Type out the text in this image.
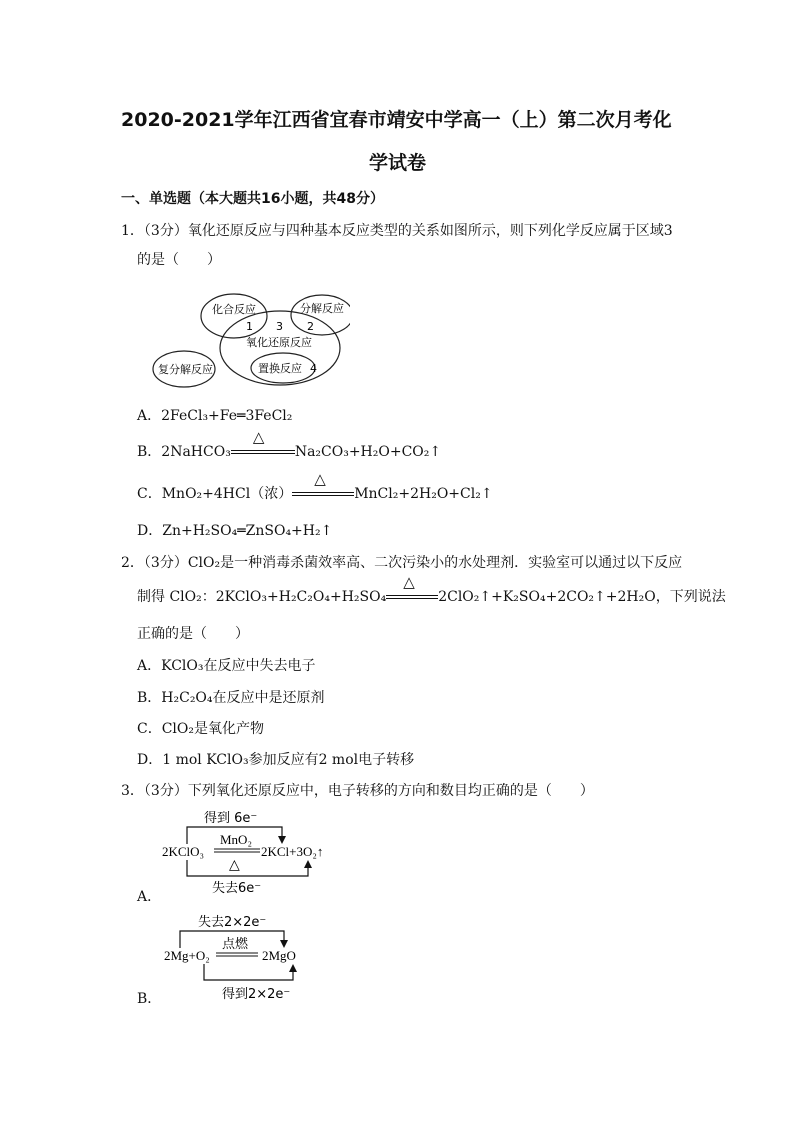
2020-2021学年江西省宜春市靖安中学高一（上）第二次月考化
学试卷
一、单选题（本大题共16小题，共48分）
1．（3分）氧化还原反应与四种基本反应类型的关系如图所示，则下列化学反应属于区域3
的是（　　）
化合反应	分解反应
氧化还原反应
复分解反应	置换反应
1 3 2
4
A．2FeCl₃+Fe═3FeCl₂
B．2NaHCO₃
△
Na₂CO₃+H₂O+CO₂↑
C．MnO₂+4HCl（浓）
△
MnCl₂+2H₂O+Cl₂↑
D．Zn+H₂SO₄═ZnSO₄+H₂↑
2．（3分）ClO₂是一种消毒杀菌效率高、二次污染小的水处理剂．实验室可以通过以下反应
制得 ClO₂：2KClO₃+H₂C₂O₄+H₂SO₄
△
2ClO₂↑+K₂SO₄+2CO₂↑+2H₂O，下列说法
正确的是（　　）
A．KClO₃在反应中失去电子
B．H₂C₂O₄在反应中是还原剂
C．ClO₂是氧化产物
D．1 mol KClO₃参加反应有2 mol电子转移
3．（3分）下列氧化还原反应中，电子转移的方向和数目均正确的是（　　）
得到 6e⁻
MnO₂
2KClO₃	2KCl+3O₂↑
△
失去6e⁻
A．
失去2×2e⁻
点燃
2Mg+O₂	2MgO
得到2×2e⁻
B．
